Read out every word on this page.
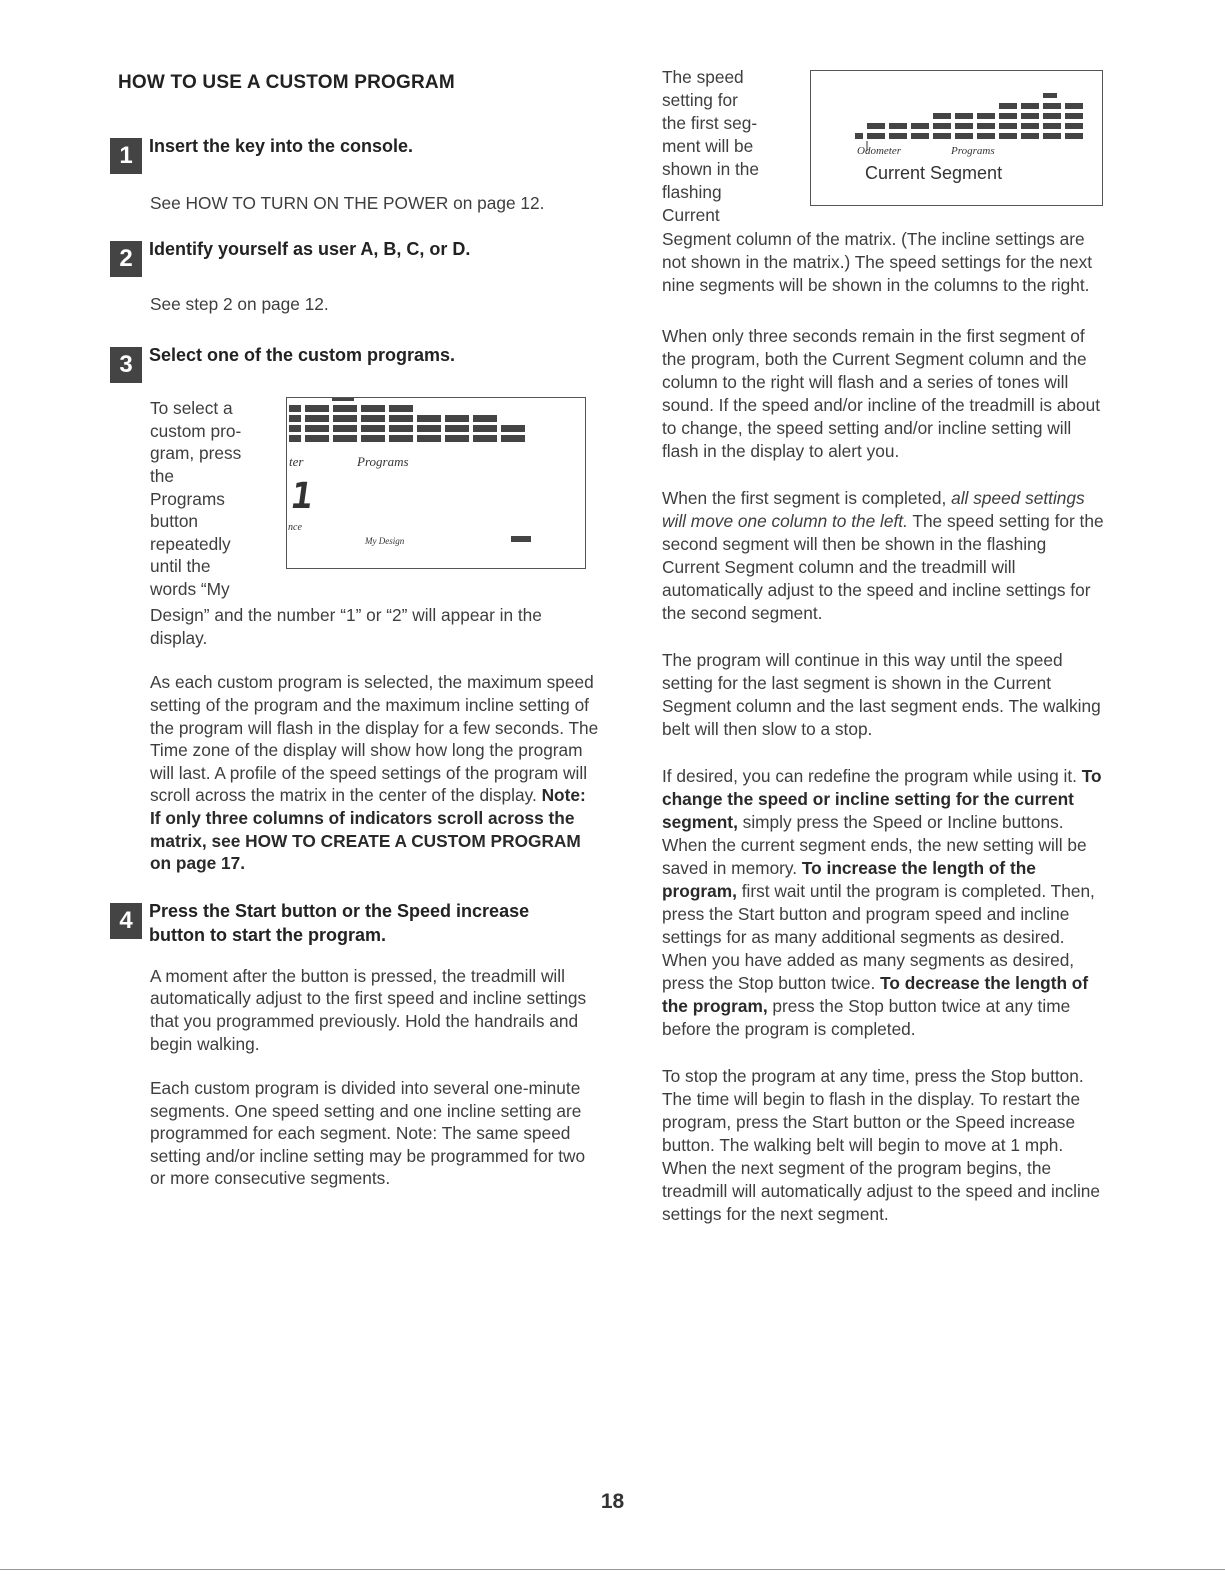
HOW TO USE A CUSTOM PROGRAM
1 Insert the key into the console.
See HOW TO TURN ON THE POWER on page 12.
2 Identify yourself as user A, B, C, or D.
See step 2 on page 12.
3 Select one of the custom programs.
To select a
custom pro-
gram, press
the
Programs
button
repeatedly
until the
words “My
ter	Programs
1
nce
My Design
Design” and the number “1” or “2” will appear in the display.
As each custom program is selected, the maximum speed setting of the program and the maximum incline setting of the program will flash in the display for a few seconds. The Time zone of the display will show how long the program will last. A profile of the speed settings of the program will scroll across the matrix in the center of the display. Note: If only three columns of indicators scroll across the matrix, see HOW TO CREATE A CUSTOM PROGRAM on page 17.
4 Press the Start button or the Speed increase button to start the program.
A moment after the button is pressed, the treadmill will automatically adjust to the first speed and incline settings that you programmed previously. Hold the handrails and begin walking.
Each custom program is divided into several one-minute segments. One speed setting and one incline setting are programmed for each segment. Note: The same speed setting and/or incline setting may be programmed for two or more consecutive segments.
The speed
setting for
the first seg-
ment will be
shown in the
flashing
Current
Odometer	Programs
Current Segment
Segment column of the matrix. (The incline settings are not shown in the matrix.) The speed settings for the next nine segments will be shown in the columns to the right.
When only three seconds remain in the first segment of the program, both the Current Segment column and the column to the right will flash and a series of tones will sound. If the speed and/or incline of the treadmill is about to change, the speed setting and/or incline setting will flash in the display to alert you.
When the first segment is completed, all speed settings will move one column to the left. The speed setting for the second segment will then be shown in the flashing Current Segment column and the treadmill will automatically adjust to the speed and incline settings for the second segment.
The program will continue in this way until the speed setting for the last segment is shown in the Current Segment column and the last segment ends. The walking belt will then slow to a stop.
If desired, you can redefine the program while using it. To change the speed or incline setting for the current segment, simply press the Speed or Incline buttons. When the current segment ends, the new setting will be saved in memory. To increase the length of the program, first wait until the program is completed. Then, press the Start button and program speed and incline settings for as many additional segments as desired. When you have added as many segments as desired, press the Stop button twice. To decrease the length of the program, press the Stop button twice at any time before the program is completed.
To stop the program at any time, press the Stop button. The time will begin to flash in the display. To restart the program, press the Start button or the Speed increase button. The walking belt will begin to move at 1 mph. When the next segment of the program begins, the treadmill will automatically adjust to the speed and incline settings for the next segment.
18
